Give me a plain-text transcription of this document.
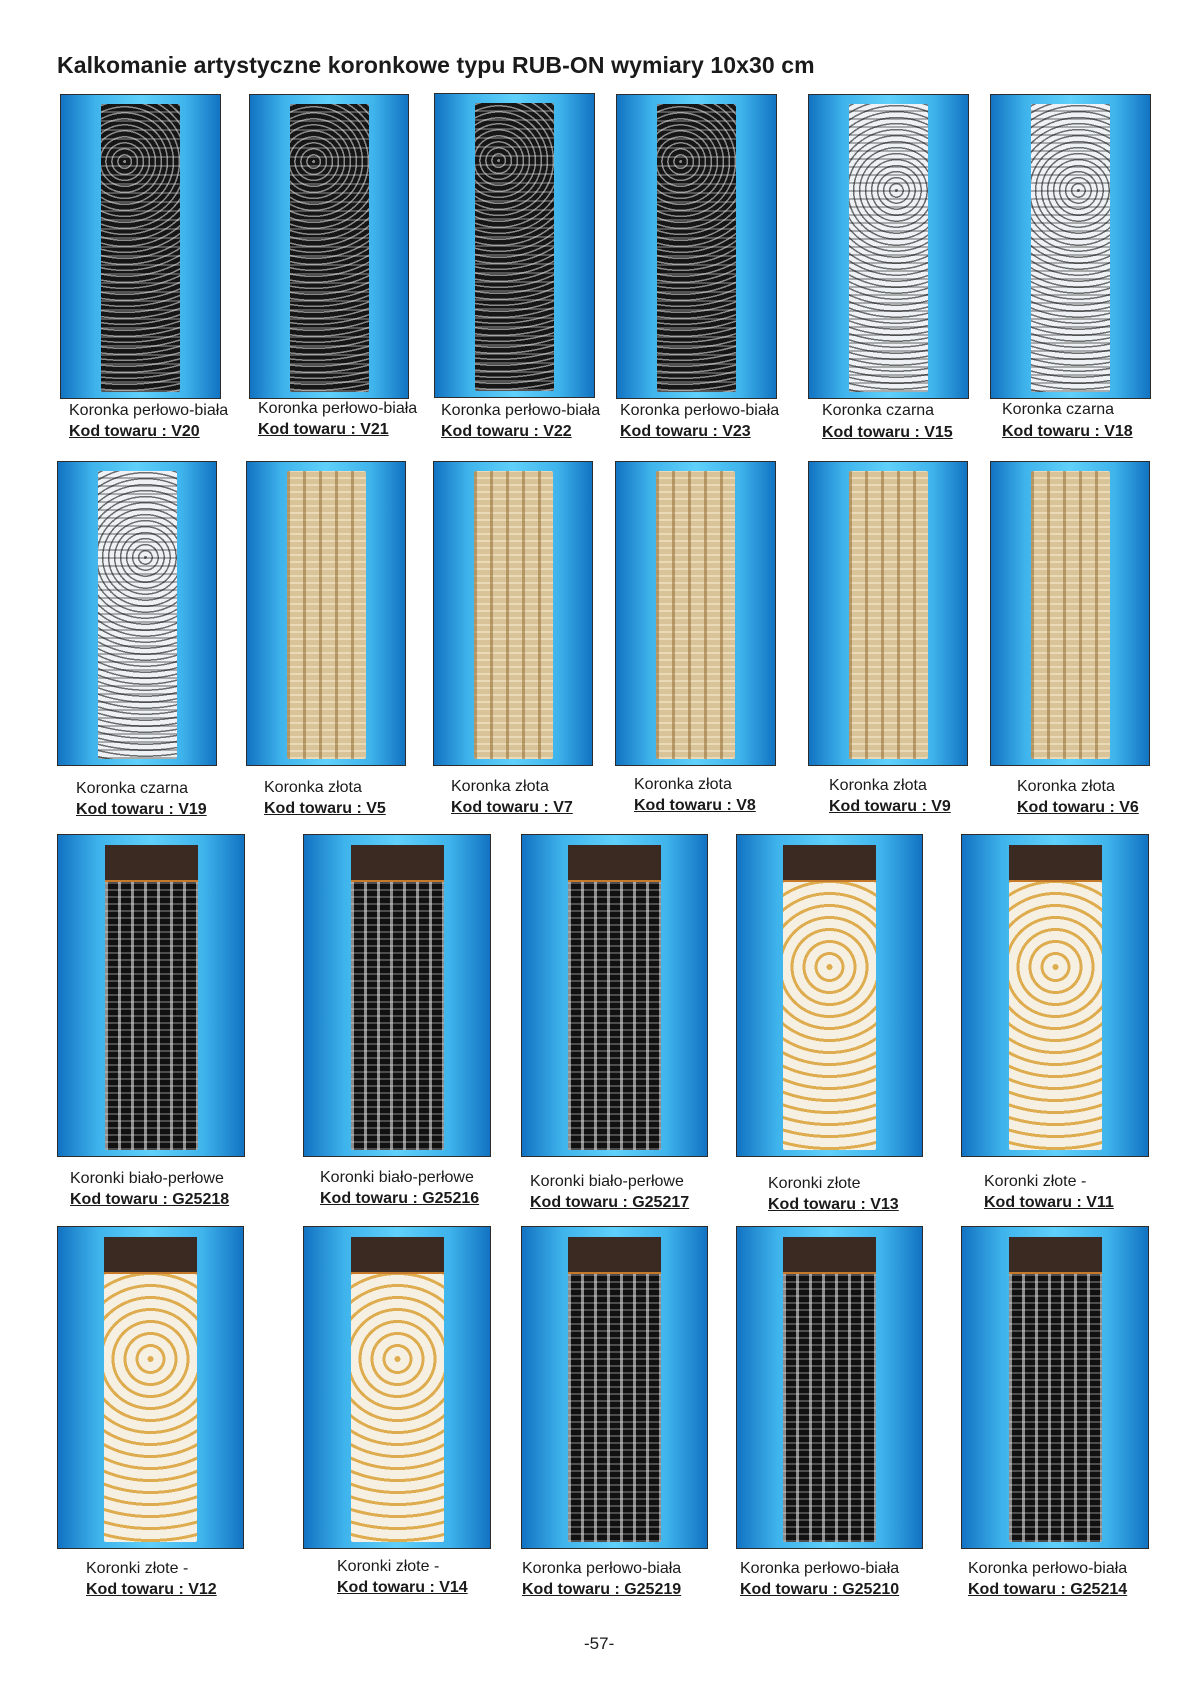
Kalkomanie artystyczne koronkowe typu RUB-ON wymiary 10x30 cm
Koronka perłowo-biała
Kod towaru : V20
Koronka perłowo-biała
Kod towaru : V21
Koronka perłowo-biała
Kod towaru : V22
Koronka perłowo-biała
Kod towaru : V23
Koronka czarna
Kod towaru : V15
Koronka czarna
Kod towaru : V18
Koronka czarna
Kod towaru : V19
Koronka złota
Kod towaru : V5
Koronka złota
Kod towaru : V7
Koronka złota
Kod towaru : V8
Koronka złota
Kod towaru : V9
Koronka złota
Kod towaru : V6
Koronki biało-perłowe
Kod towaru : G25218
Koronki biało-perłowe
Kod towaru : G25216
Koronki biało-perłowe
Kod towaru : G25217
Koronki złote
Kod towaru : V13
Koronki złote -
Kod towaru : V11
Koronki złote -
Kod towaru : V12
Koronki złote -
Kod towaru : V14
Koronka perłowo-biała
Kod towaru : G25219
Koronka perłowo-biała
Kod towaru : G25210
Koronka perłowo-biała
Kod towaru : G25214
-57-
